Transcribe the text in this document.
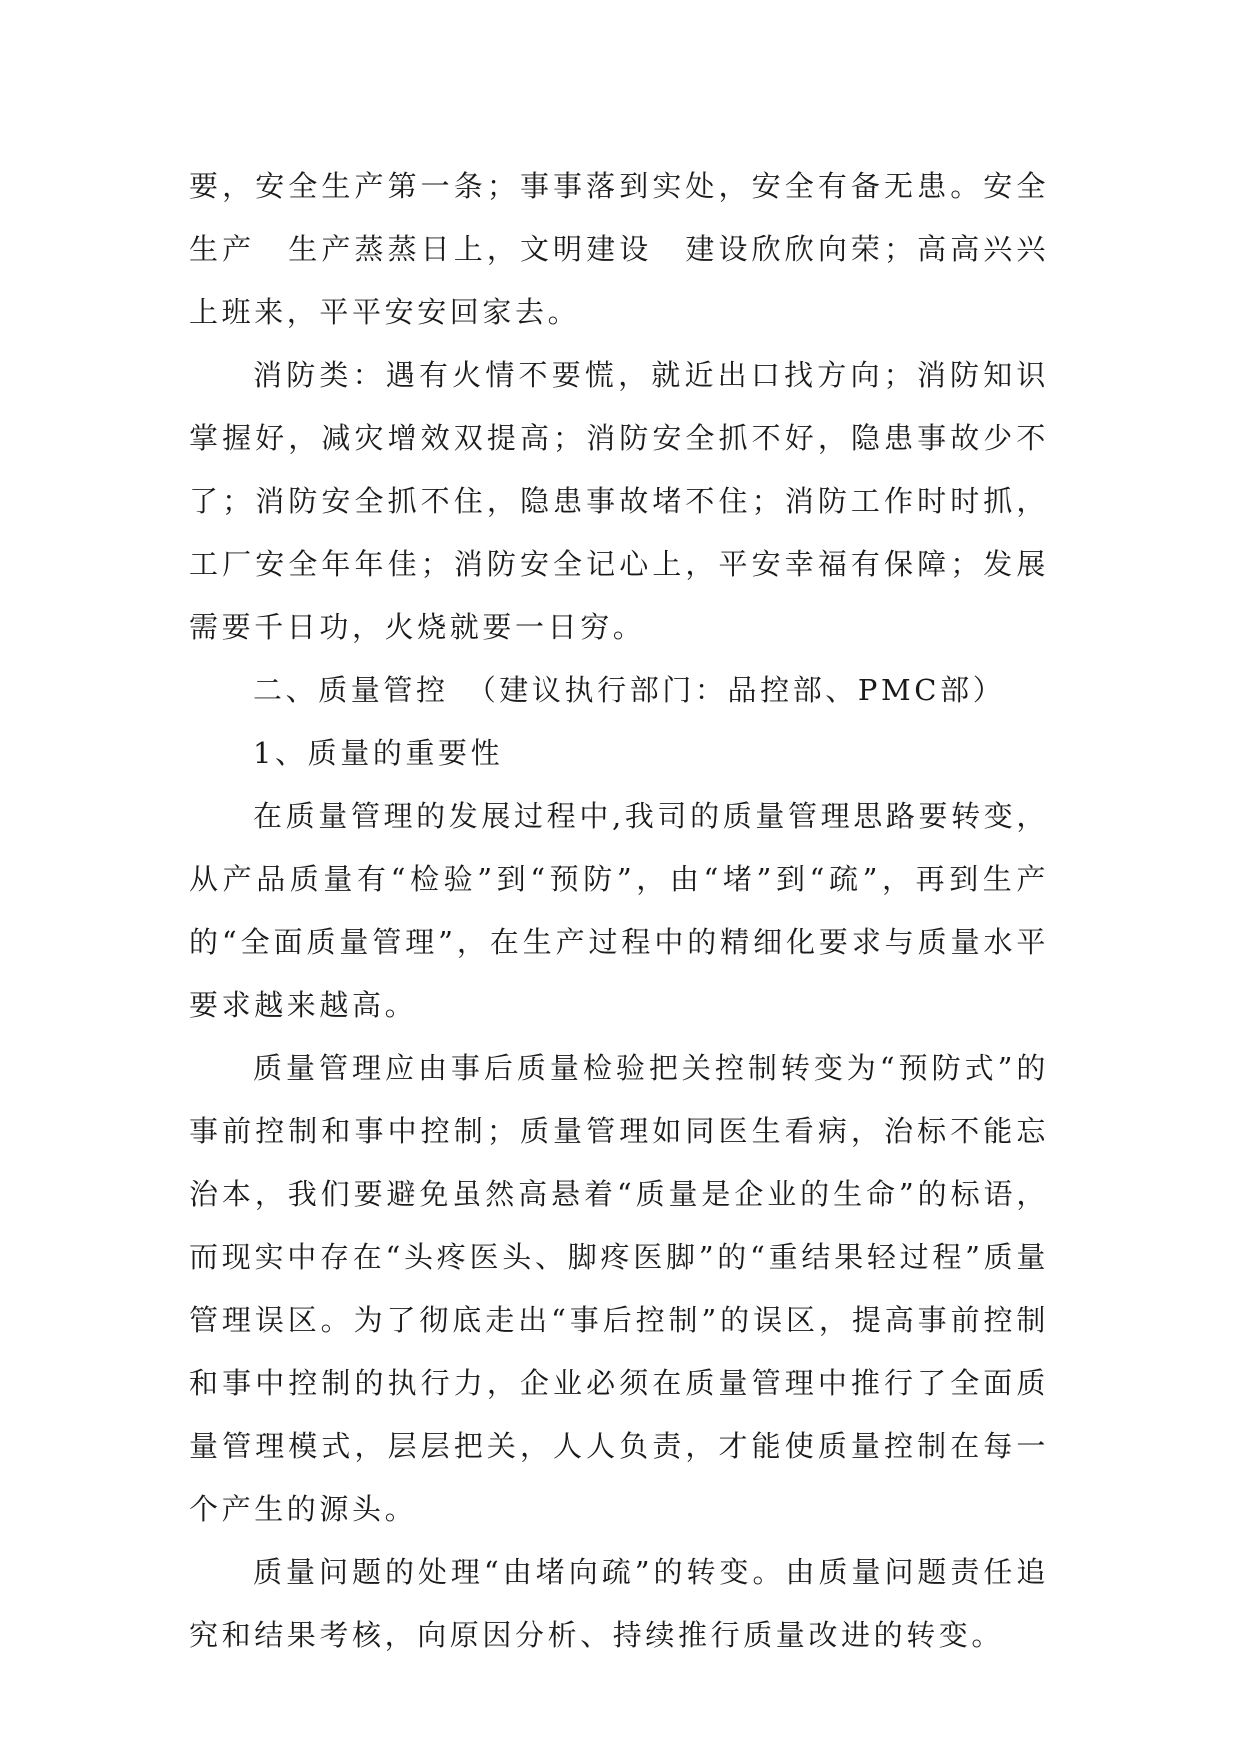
要，安全生产第一条；事事落到实处，安全有备无患。安全生产　生产蒸蒸日上，文明建设　建设欣欣向荣；高高兴兴上班来，平平安安回家去。

消防类：遇有火情不要慌，就近出口找方向；消防知识掌握好，减灾增效双提高；消防安全抓不好，隐患事故少不了；消防安全抓不住，隐患事故堵不住；消防工作时时抓，工厂安全年年佳；消防安全记心上，平安幸福有保障；发展需要千日功，火烧就要一日穷。

二、质量管控　（建议执行部门：品控部、PMC部）

1、质量的重要性

在质量管理的发展过程中,我司的质量管理思路要转变，从产品质量有“检验”到“预防”，由“堵”到“疏”，再到生产的“全面质量管理”，在生产过程中的精细化要求与质量水平要求越来越高。

质量管理应由事后质量检验把关控制转变为“预防式”的事前控制和事中控制；质量管理如同医生看病，治标不能忘治本，我们要避免虽然高悬着“质量是企业的生命”的标语，而现实中存在“头疼医头、脚疼医脚”的“重结果轻过程”质量管理误区。为了彻底走出“事后控制”的误区，提高事前控制和事中控制的执行力，企业必须在质量管理中推行了全面质量管理模式，层层把关，人人负责，才能使质量控制在每一个产生的源头。

质量问题的处理“由堵向疏”的转变。由质量问题责任追究和结果考核，向原因分析、持续推行质量改进的转变。
